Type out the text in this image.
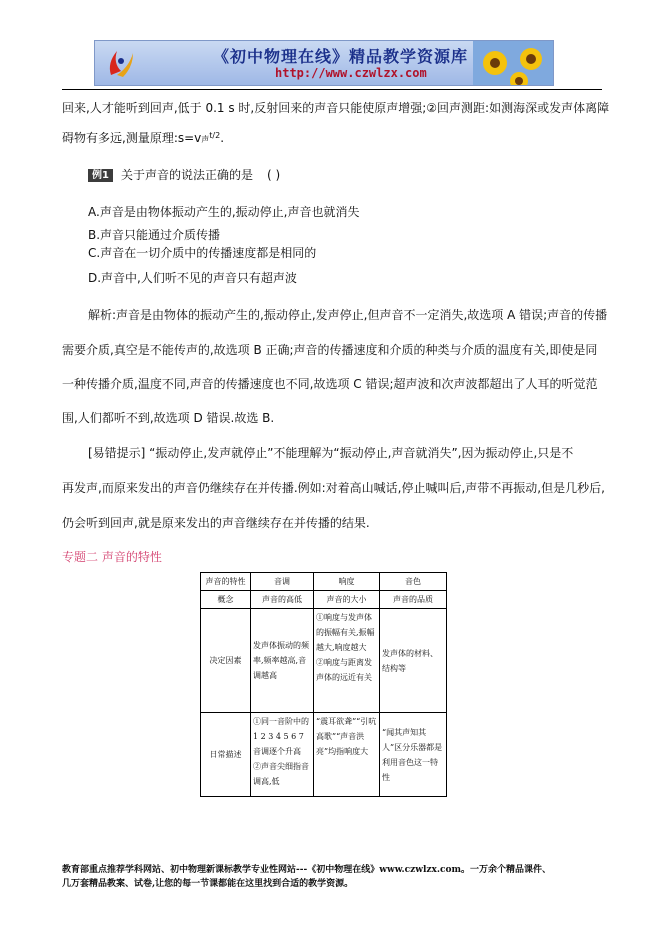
《初中物理在线》精品教学资源库
http://www.czwlzx.com
回来,人才能听到回声,低于 0.1 s 时,反射回来的声音只能使原声增强;②回声测距:如测海深或发声体离障
碍物有多远,测量原理:s=v声$^{t/2}$.
例1 关于声音的说法正确的是 ( )
A.声音是由物体振动产生的,振动停止,声音也就消失
B.声音只能通过介质传播
C.声音在一切介质中的传播速度都是相同的
D.声音中,人们听不见的声音只有超声波
解析:声音是由物体的振动产生的,振动停止,发声停止,但声音不一定消失,故选项 A 错误;声音的传播
需要介质,真空是不能传声的,故选项 B 正确;声音的传播速度和介质的种类与介质的温度有关,即使是同
一种传播介质,温度不同,声音的传播速度也不同,故选项 C 错误;超声波和次声波都超出了人耳的听觉范
围,人们都听不到,故选项 D 错误.故选 B.
[易错提示] “振动停止,发声就停止”不能理解为“振动停止,声音就消失”,因为振动停止,只是不
再发声,而原来发出的声音仍继续存在并传播.例如:对着高山喊话,停止喊叫后,声带不再振动,但是几秒后,
仍会听到回声,就是原来发出的声音继续存在并传播的结果.
专题二 声音的特性
声音的特性	音调	响度	音色
概念	声音的高低	声音的大小	声音的品质
决定因素	发声体振动的频率,频率越高,音调越高	①响度与发声体的振幅有关,振幅越大,响度越大 ②响度与距离发声体的远近有关	发声体的材料、结构等
日常描述	①同一音阶中的 1 2 3 4 5 6 7 音调逐个升高 ②声音尖细指音调高,低	“震耳欲聋”“引吭高歌”“声音洪亮”均指响度大	“闻其声知其人”区分乐器都是利用音色这一特性
教育部重点推荐学科网站、初中物理新课标教学专业性网站---《初中物理在线》www.czwlzx.com。一万余个精品课件、
几万套精品教案、试卷,让您的每一节课都能在这里找到合适的教学资源。
